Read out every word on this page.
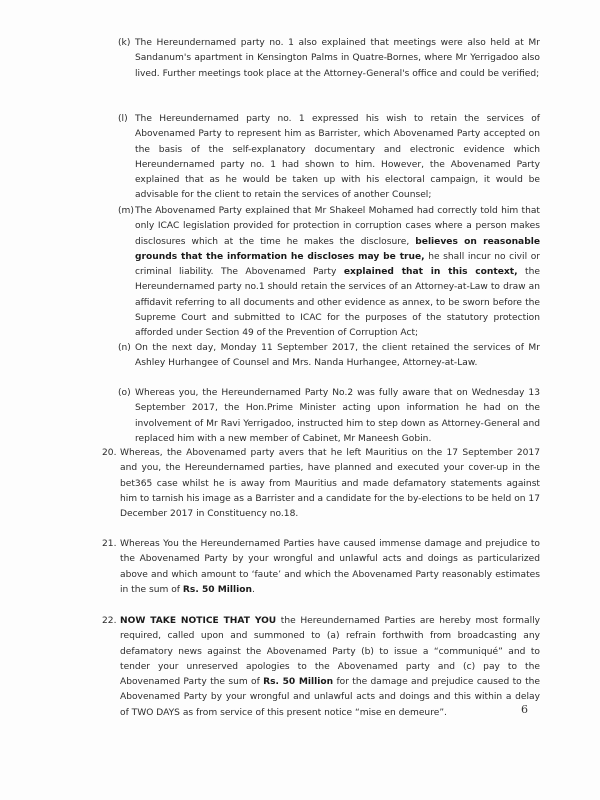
(k) The Hereundernamed party no. 1 also explained that meetings were also held at Mr Sandanum's apartment in Kensington Palms in Quatre-Bornes, where Mr Yerrigadoo also lived. Further meetings took place at the Attorney-General's office and could be verified;
(l) The Hereundernamed party no. 1 expressed his wish to retain the services of Abovenamed Party to represent him as Barrister, which Abovenamed Party accepted on the basis of the self-explanatory documentary and electronic evidence which Hereundernamed party no. 1 had shown to him. However, the Abovenamed Party explained that as he would be taken up with his electoral campaign, it would be advisable for the client to retain the services of another Counsel;
(m) The Abovenamed Party explained that Mr Shakeel Mohamed had correctly told him that only ICAC legislation provided for protection in corruption cases where a person makes disclosures which at the time he makes the disclosure, believes on reasonable grounds that the information he discloses may be true, he shall incur no civil or criminal liability. The Abovenamed Party explained that in this context, the Hereundernamed party no.1 should retain the services of an Attorney-at-Law to draw an affidavit referring to all documents and other evidence as annex, to be sworn before the Supreme Court and submitted to ICAC for the purposes of the statutory protection afforded under Section 49 of the Prevention of Corruption Act;
(n) On the next day, Monday 11 September 2017, the client retained the services of Mr Ashley Hurhangee of Counsel and Mrs. Nanda Hurhangee, Attorney-at-Law.
(o) Whereas you, the Hereundernamed Party No.2 was fully aware that on Wednesday 13 September 2017, the Hon.Prime Minister acting upon information he had on the involvement of Mr Ravi Yerrigadoo, instructed him to step down as Attorney-General and replaced him with a new member of Cabinet, Mr Maneesh Gobin.
20. Whereas, the Abovenamed party avers that he left Mauritius on the 17 September 2017 and you, the Hereundernamed parties, have planned and executed your cover-up in the bet365 case whilst he is away from Mauritius and made defamatory statements against him to tarnish his image as a Barrister and a candidate for the by-elections to be held on 17 December 2017 in Constituency no.18.
21. Whereas You the Hereundernamed Parties have caused immense damage and prejudice to the Abovenamed Party by your wrongful and unlawful acts and doings as particularized above and which amount to ‘faute’ and which the Abovenamed Party reasonably estimates in the sum of Rs. 50 Million.
22. NOW TAKE NOTICE THAT YOU the Hereundernamed Parties are hereby most formally required, called upon and summoned to (a) refrain forthwith from broadcasting any defamatory news against the Abovenamed Party (b) to issue a “communiqué” and to tender your unreserved apologies to the Abovenamed party and (c) pay to the Abovenamed Party the sum of Rs. 50 Million for the damage and prejudice caused to the Abovenamed Party by your wrongful and unlawful acts and doings and this within a delay of TWO DAYS as from service of this present notice “mise en demeure”.	6
